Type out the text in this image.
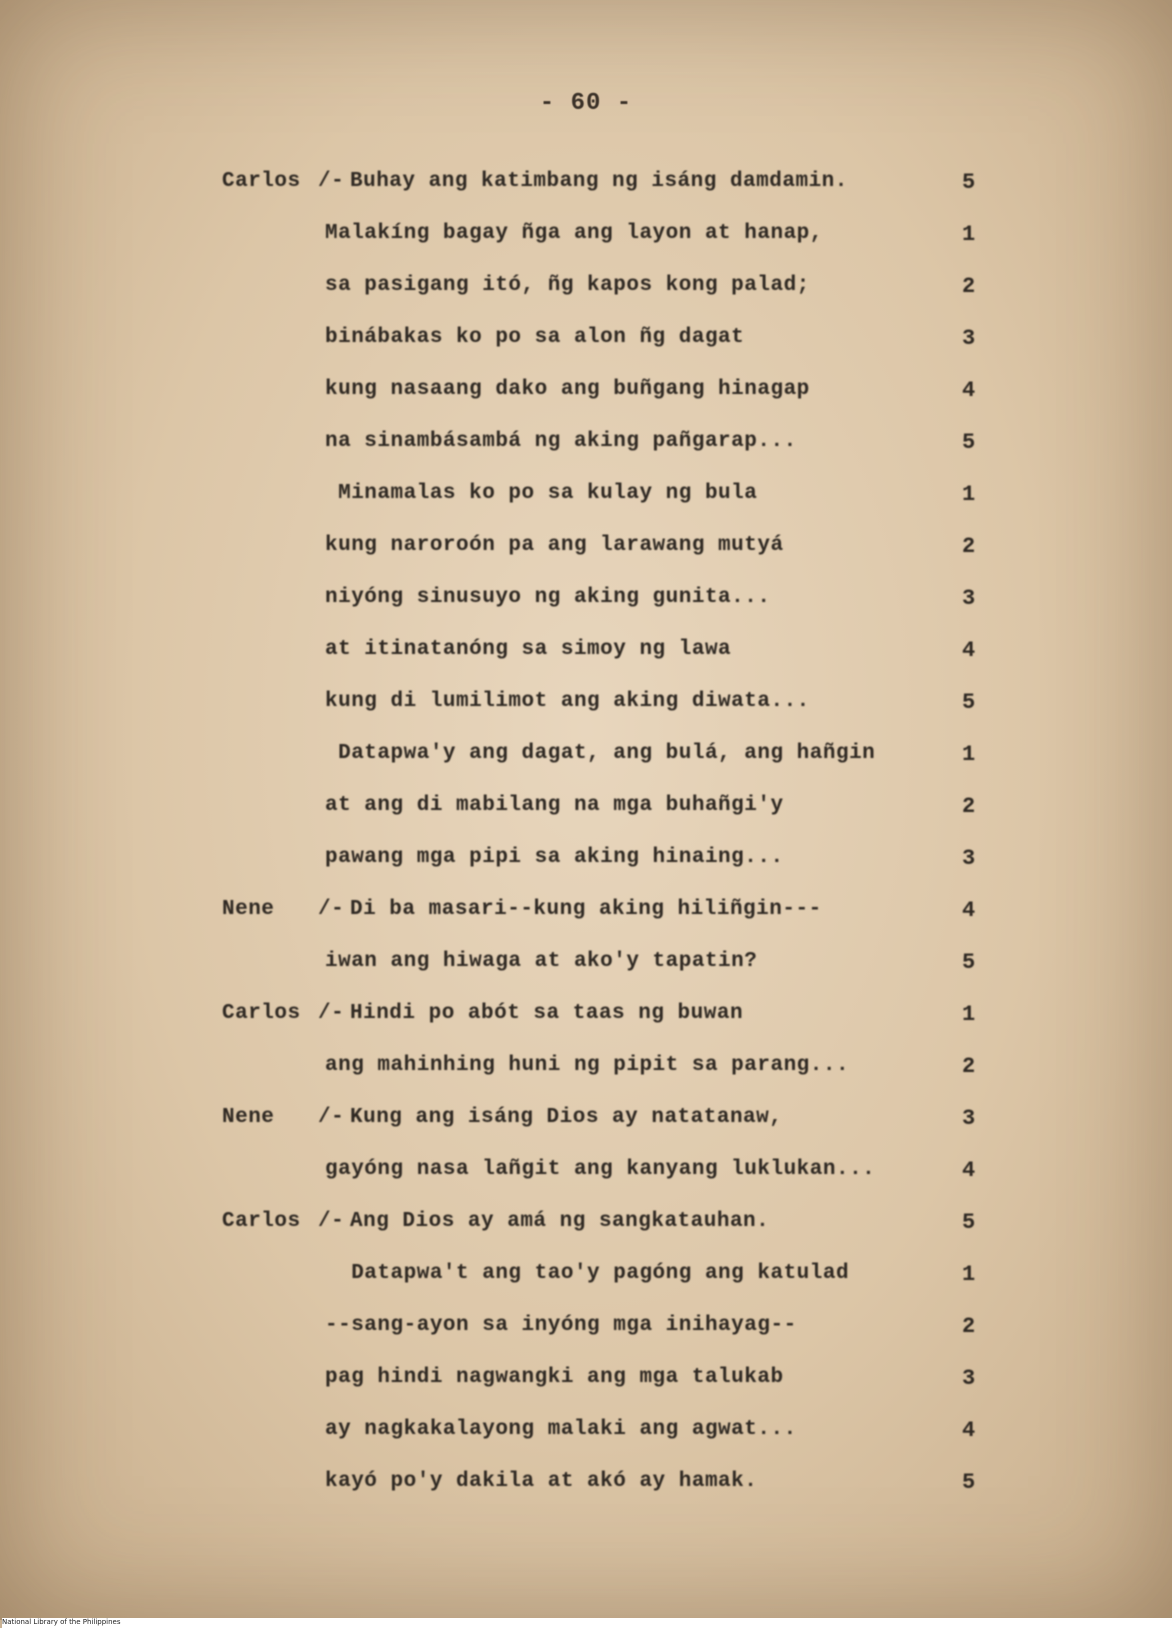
- 60 -
Carlos /- Buhay ang katimbang ng isáng damdamin.	5
Malakíng bagay ñga ang layon at hanap,	1
sa pasigang itó, ñg kapos kong palad;	2
binábakas ko po sa alon ñg dagat	3
kung nasaang dako ang buñgang hinagap	4
na sinambásambá ng aking pañgarap...	5
Minamalas ko po sa kulay ng bula	1
kung naroroón pa ang larawang mutyá	2
niyóng sinusuyo ng aking gunita...	3
at itinatanóng sa simoy ng lawa	4
kung di lumilimot ang aking diwata...	5
Datapwa'y ang dagat, ang bulá, ang hañgin	1
at ang di mabilang na mga buhañgi'y	2
pawang mga pipi sa aking hinaing...	3
Nene /- Di ba masari--kung aking hiliñgin---	4
iwan ang hiwaga at ako'y tapatin?	5
Carlos /- Hindi po abót sa taas ng buwan	1
ang mahinhing huni ng pipit sa parang...	2
Nene /- Kung ang isáng Dios ay natatanaw,	3
gayóng nasa lañgit ang kanyang luklukan...	4
Carlos /- Ang Dios ay amá ng sangkatauhan.	5
Datapwa't ang tao'y pagóng ang katulad	1
--sang-ayon sa inyóng mga inihayag--	2
pag hindi nagwangki ang mga talukab	3
ay nagkakalayong malaki ang agwat...	4
kayó po'y dakila at akó ay hamak.	5
National Library of the Philippines
